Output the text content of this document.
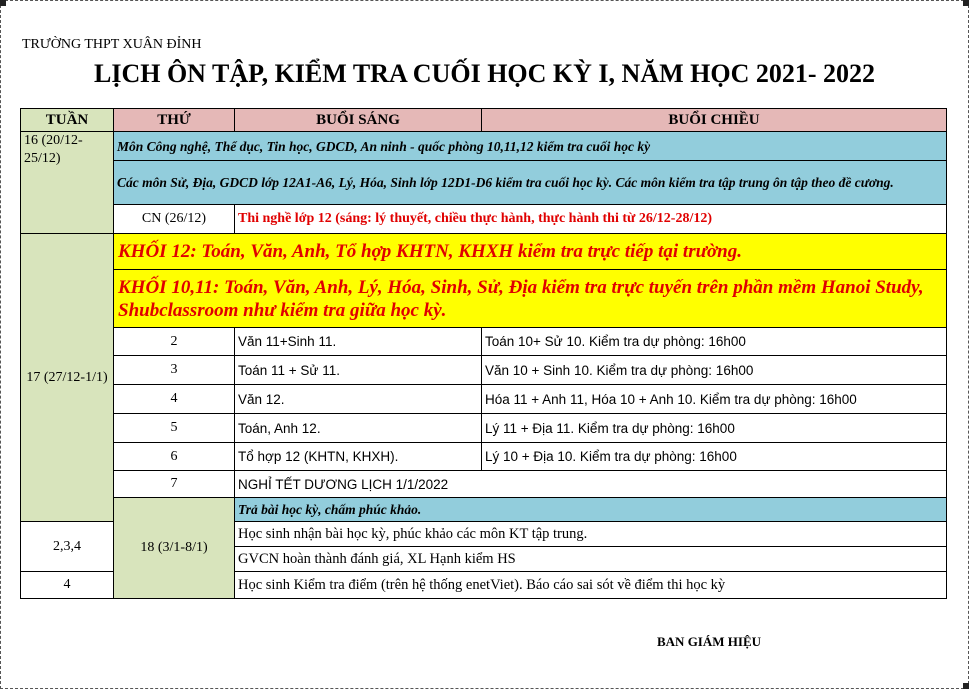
TRƯỜNG THPT XUÂN ĐỈNH
LỊCH ÔN TẬP, KIỂM TRA CUỐI HỌC KỲ I, NĂM HỌC 2021- 2022
TUẦN	THỨ	BUỔI SÁNG	BUỔI CHIỀU
16 (20/12-25/12)	Môn Công nghệ, Thể dục, Tin học, GDCD, An ninh - quốc phòng 10,11,12 kiểm tra cuối học kỳ		
	Các môn Sử, Địa, GDCD lớp 12A1-A6, Lý, Hóa, Sinh lớp 12D1-D6 kiểm tra cuối học kỳ. Các môn kiểm tra tập trung ôn tập theo đề cương.		
	CN (26/12)	Thi nghề lớp 12 (sáng: lý thuyết, chiều thực hành, thực hành thi từ 26/12-28/12)	
17 (27/12-1/1)	KHỐI 12: Toán, Văn, Anh, Tổ hợp KHTN, KHXH kiểm tra trực tiếp tại trường.		
	KHỐI 10,11: Toán, Văn, Anh, Lý, Hóa, Sinh, Sử, Địa kiểm tra trực tuyến trên phần mềm Hanoi Study, Shubclassroom như kiểm tra giữa học kỳ.		
	2	Văn 11+Sinh 11.	Toán 10+ Sử 10. Kiểm tra dự phòng: 16h00
	3	Toán 11 + Sử 11.	Văn 10 + Sinh 10. Kiểm tra dự phòng: 16h00
	4	Văn 12.	Hóa 11 + Anh 11, Hóa 10 + Anh 10. Kiểm tra dự phòng: 16h00
	5	Toán, Anh 12.	Lý 11 + Địa 11. Kiểm tra dự phòng: 16h00
	6	Tổ hợp 12 (KHTN, KHXH).	Lý 10 + Địa 10. Kiểm tra dự phòng: 16h00
	7	NGHỈ TẾT DƯƠNG LỊCH 1/1/2022	
	18 (3/1-8/1)	Trả bài học kỳ, chấm phúc khảo.	
2,3,4		Học sinh nhận bài học kỳ, phúc khảo các môn KT tập trung.	
		GVCN hoàn thành đánh giá, XL Hạnh kiểm HS	
4		Học sinh Kiểm tra điểm (trên hệ thống enetViet). Báo cáo sai sót về điểm thi học kỳ	
BAN GIÁM HIỆU
